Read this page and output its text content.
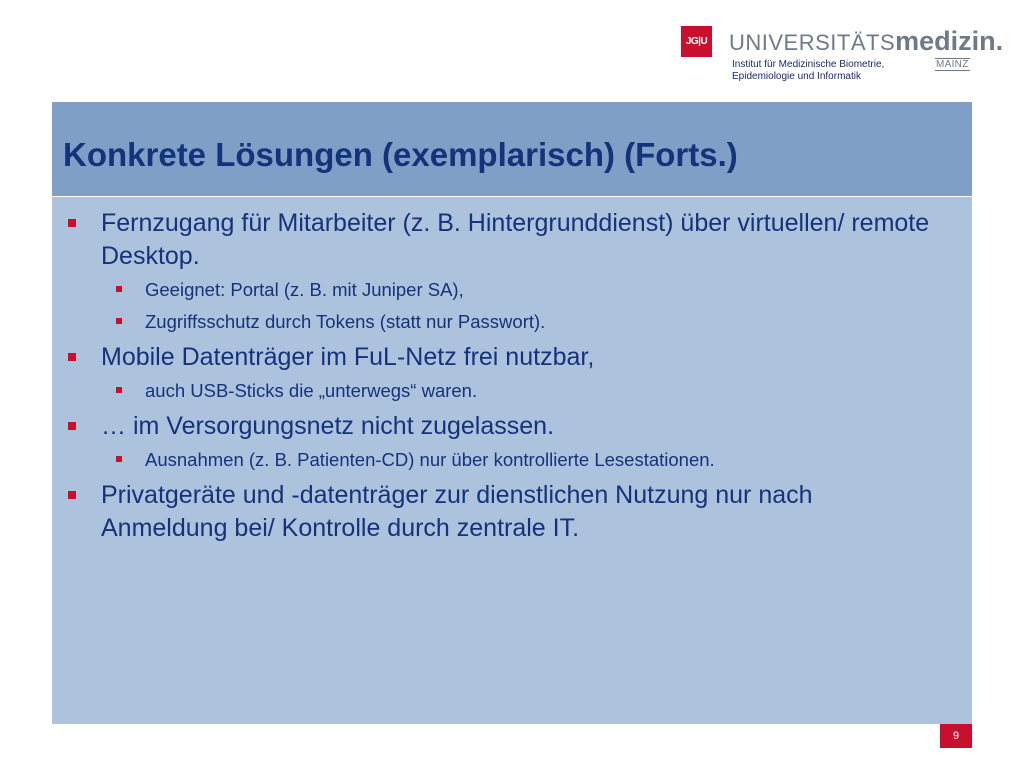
JG|U UNIVERSITÄTSmedizin.
Institut für Medizinische Biometrie,
Epidemiologie und Informatik
MAINZ
Konkrete Lösungen (exemplarisch) (Forts.)
Fernzugang für Mitarbeiter (z. B. Hintergrunddienst) über virtuellen/ remote Desktop.
Geeignet: Portal (z. B. mit Juniper SA),
Zugriffsschutz durch Tokens (statt nur Passwort).
Mobile Datenträger im FuL-Netz frei nutzbar,
auch USB-Sticks die „unterwegs“ waren.
… im Versorgungsnetz nicht zugelassen.
Ausnahmen (z. B. Patienten-CD) nur über kontrollierte Lesestationen.
Privatgeräte und -datenträger zur dienstlichen Nutzung nur nach Anmeldung bei/ Kontrolle durch zentrale IT.
9
